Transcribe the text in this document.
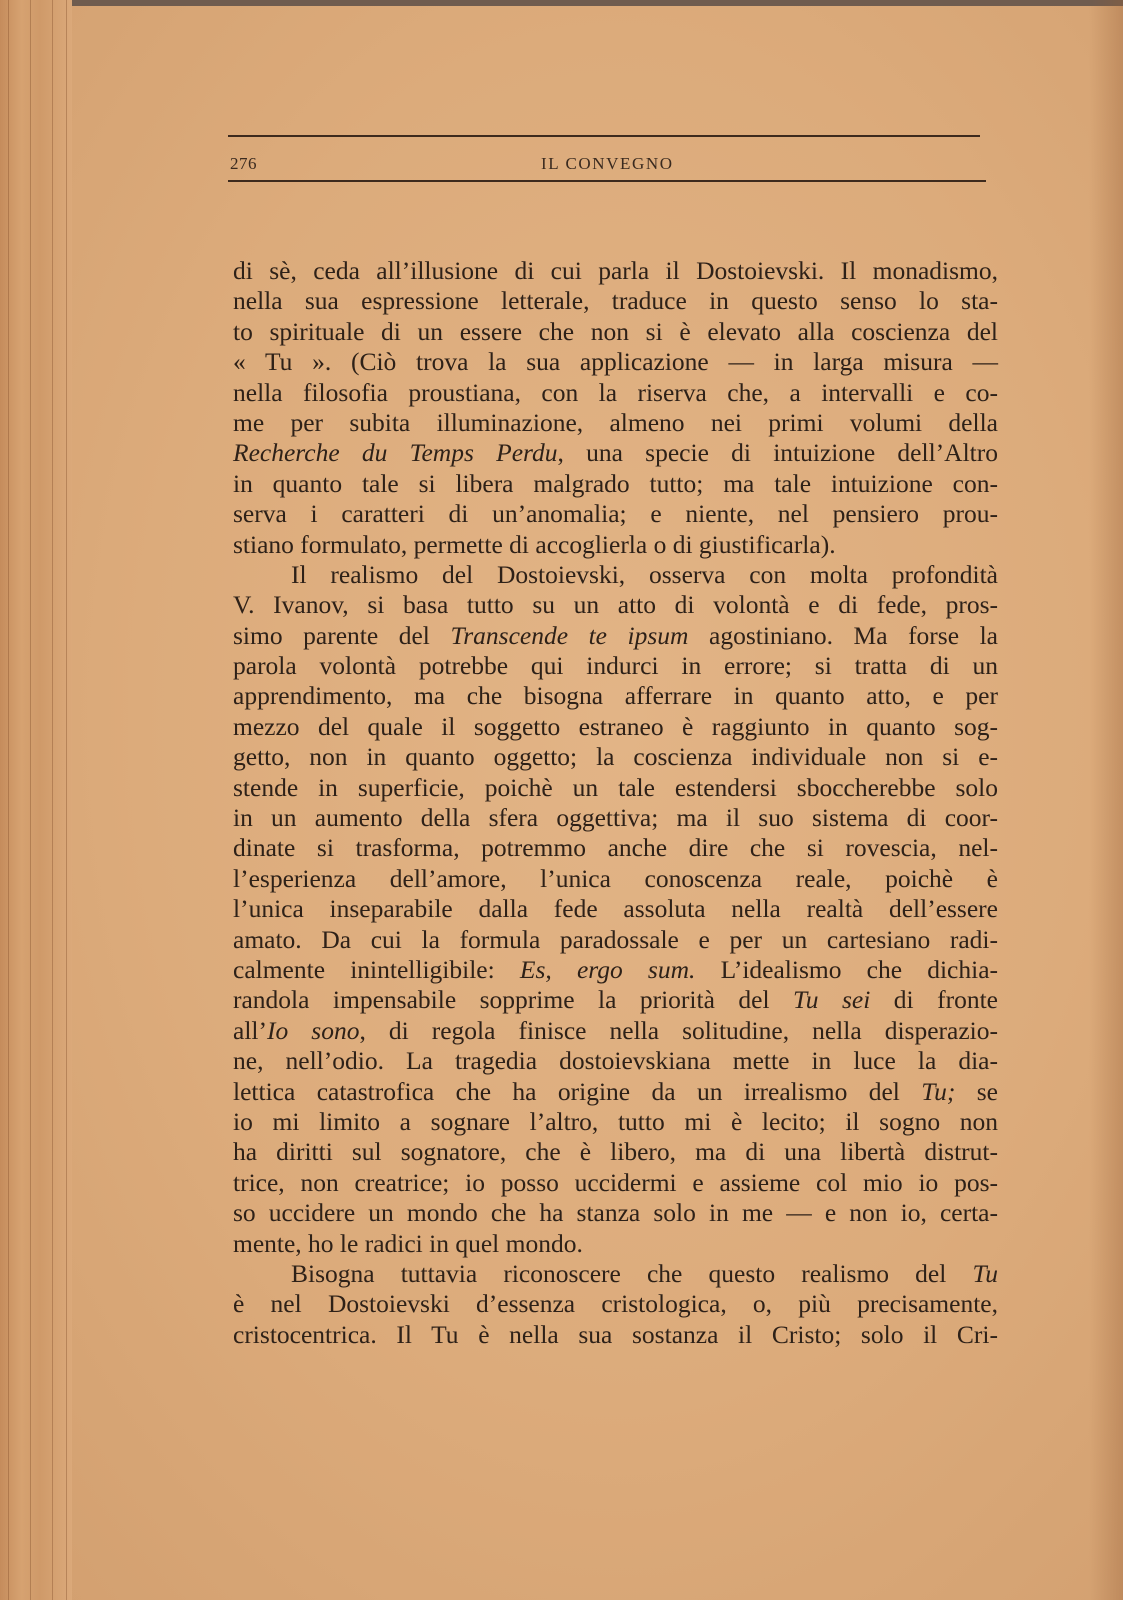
276	IL CONVEGNO
di sè, ceda all’illusione di cui parla il Dostoievski. Il monadismo,
nella sua espressione letterale, traduce in questo senso lo sta-
to spirituale di un essere che non si è elevato alla coscienza del
« Tu ». (Ciò trova la sua applicazione — in larga misura —
nella filosofia proustiana, con la riserva che, a intervalli e co-
me per subita illuminazione, almeno nei primi volumi della
Recherche du Temps Perdu, una specie di intuizione dell’Altro
in quanto tale si libera malgrado tutto; ma tale intuizione con-
serva i caratteri di un’anomalia; e niente, nel pensiero prou-
stiano formulato, permette di accoglierla o di giustificarla).
Il realismo del Dostoievski, osserva con molta profondità
V. Ivanov, si basa tutto su un atto di volontà e di fede, pros-
simo parente del Transcende te ipsum agostiniano. Ma forse la
parola volontà potrebbe qui indurci in errore; si tratta di un
apprendimento, ma che bisogna afferrare in quanto atto, e per
mezzo del quale il soggetto estraneo è raggiunto in quanto sog-
getto, non in quanto oggetto; la coscienza individuale non si e-
stende in superficie, poichè un tale estendersi sboccherebbe solo
in un aumento della sfera oggettiva; ma il suo sistema di coor-
dinate si trasforma, potremmo anche dire che si rovescia, nel-
l’esperienza dell’amore, l’unica conoscenza reale, poichè è
l’unica inseparabile dalla fede assoluta nella realtà dell’essere
amato. Da cui la formula paradossale e per un cartesiano radi-
calmente inintelligibile: Es, ergo sum. L’idealismo che dichia-
randola impensabile sopprime la priorità del Tu sei di fronte
all’Io sono, di regola finisce nella solitudine, nella disperazio-
ne, nell’odio. La tragedia dostoievskiana mette in luce la dia-
lettica catastrofica che ha origine da un irrealismo del Tu; se
io mi limito a sognare l’altro, tutto mi è lecito; il sogno non
ha diritti sul sognatore, che è libero, ma di una libertà distrut-
trice, non creatrice; io posso uccidermi e assieme col mio io pos-
so uccidere un mondo che ha stanza solo in me — e non io, certa-
mente, ho le radici in quel mondo.
Bisogna tuttavia riconoscere che questo realismo del Tu
è nel Dostoievski d’essenza cristologica, o, più precisamente,
cristocentrica. Il Tu è nella sua sostanza il Cristo; solo il Cri-
